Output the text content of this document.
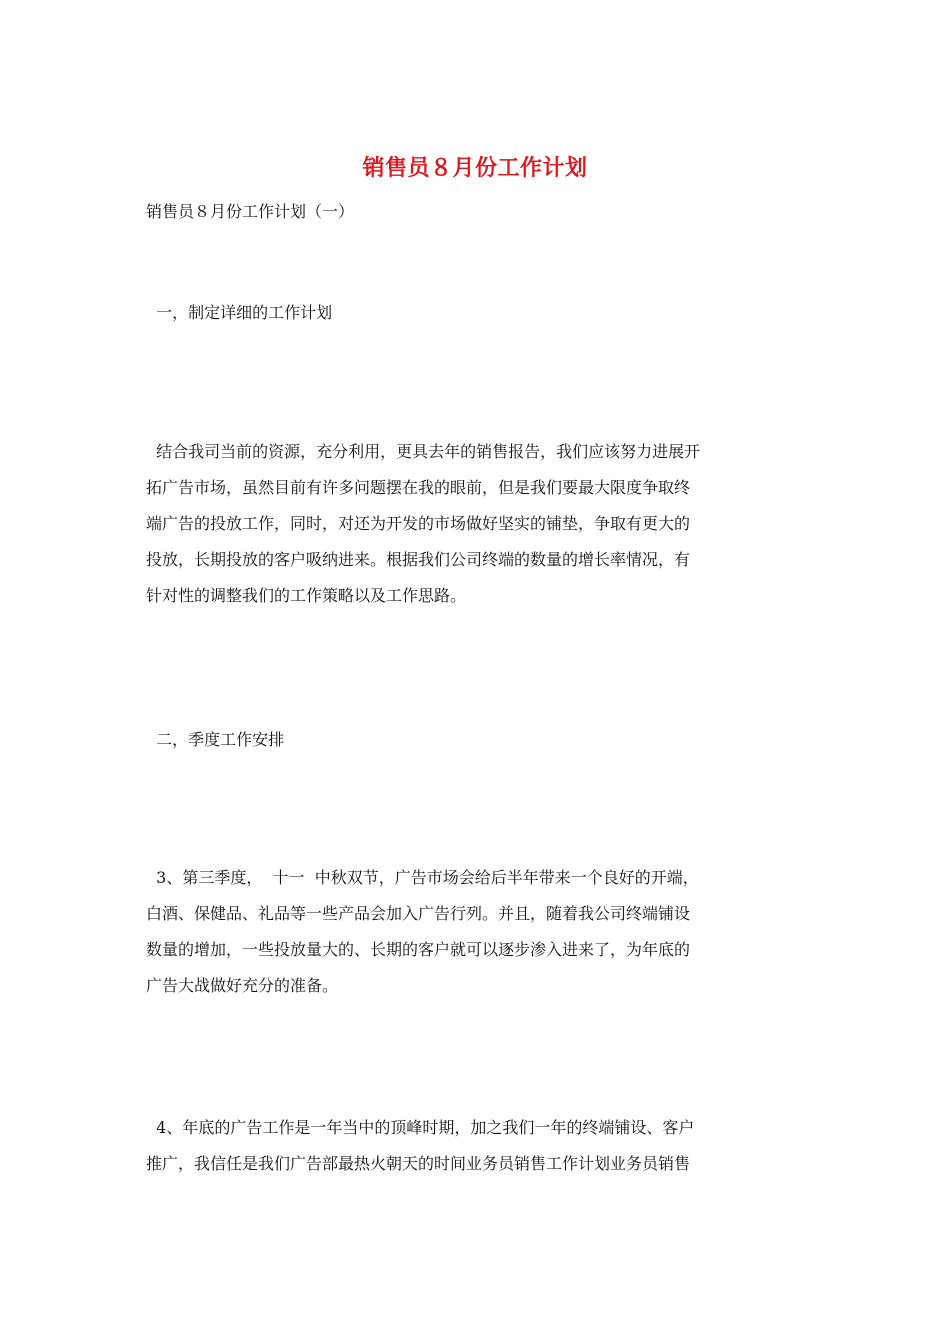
销售员８月份工作计划
销售员８月份工作计划（一）
一，制定详细的工作计划
结合我司当前的资源，充分利用，更具去年的销售报告，我们应该努力进展开
拓广告市场，虽然目前有许多问题摆在我的眼前，但是我们要最大限度争取终
端广告的投放工作，同时，对还为开发的市场做好坚实的铺垫，争取有更大的
投放，长期投放的客户吸纳进来。根据我们公司终端的数量的增长率情况，有
针对性的调整我们的工作策略以及工作思路。
二，季度工作安排
3、第三季度，  十一  中秋双节，广告市场会给后半年带来一个良好的开端，
白酒、保健品、礼品等一些产品会加入广告行列。并且，随着我公司终端铺设
数量的增加，一些投放量大的、长期的客户就可以逐步渗入进来了，为年底的
广告大战做好充分的准备。
4、年底的广告工作是一年当中的顶峰时期，加之我们一年的终端铺设、客户
推广，我信任是我们广告部最热火朝天的时间业务员销售工作计划业务员销售
